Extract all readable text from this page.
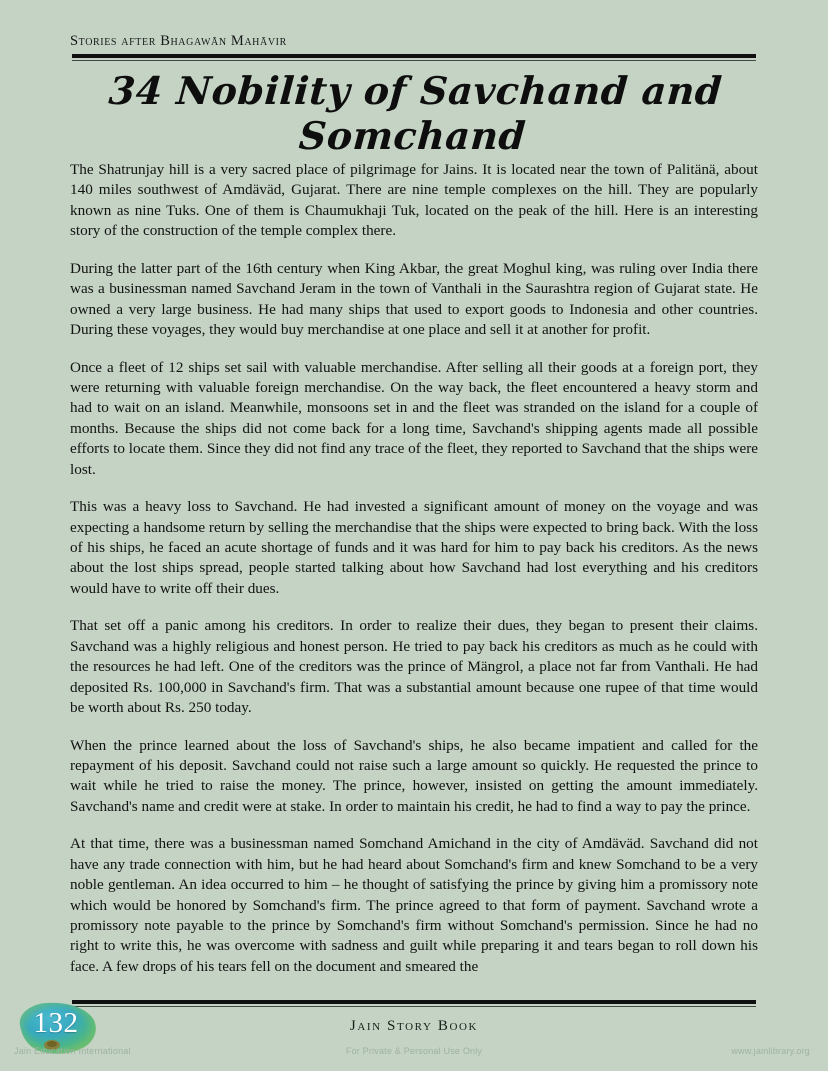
Stories after Bhagawān Mahāvir
34 Nobility of Savchand and Somchand

The Shatrunjay hill is a very sacred place of pilgrimage for Jains. It is located near the town of Palitänä, about 140 miles southwest of Amdäväd, Gujarat. There are nine temple complexes on the hill. They are popularly known as nine Tuks. One of them is Chaumukhaji Tuk, located on the peak of the hill. Here is an interesting story of the construction of the temple complex there.

During the latter part of the 16th century when King Akbar, the great Moghul king, was ruling over India there was a businessman named Savchand Jeram in the town of Vanthali in the Saurashtra region of Gujarat state. He owned a very large business. He had many ships that used to export goods to Indonesia and other countries. During these voyages, they would buy merchandise at one place and sell it at another for profit.

Once a fleet of 12 ships set sail with valuable merchandise. After selling all their goods at a foreign port, they were returning with valuable foreign merchandise. On the way back, the fleet encountered a heavy storm and had to wait on an island. Meanwhile, monsoons set in and the fleet was stranded on the island for a couple of months. Because the ships did not come back for a long time, Savchand's shipping agents made all possible efforts to locate them. Since they did not find any trace of the fleet, they reported to Savchand that the ships were lost.

This was a heavy loss to Savchand. He had invested a significant amount of money on the voyage and was expecting a handsome return by selling the merchandise that the ships were expected to bring back. With the loss of his ships, he faced an acute shortage of funds and it was hard for him to pay back his creditors. As the news about the lost ships spread, people started talking about how Savchand had lost everything and his creditors would have to write off their dues.

That set off a panic among his creditors. In order to realize their dues, they began to present their claims. Savchand was a highly religious and honest person. He tried to pay back his creditors as much as he could with the resources he had left. One of the creditors was the prince of Mängrol, a place not far from Vanthali. He had deposited Rs. 100,000 in Savchand's firm. That was a substantial amount because one rupee of that time would be worth about Rs. 250 today.

When the prince learned about the loss of Savchand's ships, he also became impatient and called for the repayment of his deposit. Savchand could not raise such a large amount so quickly. He requested the prince to wait while he tried to raise the money. The prince, however, insisted on getting the amount immediately. Savchand's name and credit were at stake. In order to maintain his credit, he had to find a way to pay the prince.

At that time, there was a businessman named Somchand Amichand in the city of Amdäväd. Savchand did not have any trade connection with him, but he had heard about Somchand's firm and knew Somchand to be a very noble gentleman. An idea occurred to him – he thought of satisfying the prince by giving him a promissory note which would be honored by Somchand's firm. The prince agreed to that form of payment. Savchand wrote a promissory note payable to the prince by Somchand's firm without Somchand's permission. Since he had no right to write this, he was overcome with sadness and guilt while preparing it and tears began to roll down his face. A few drops of his tears fell on the document and smeared the

132	Jain Story Book
Jain Education International	For Private & Personal Use Only	www.jainlibrary.org
